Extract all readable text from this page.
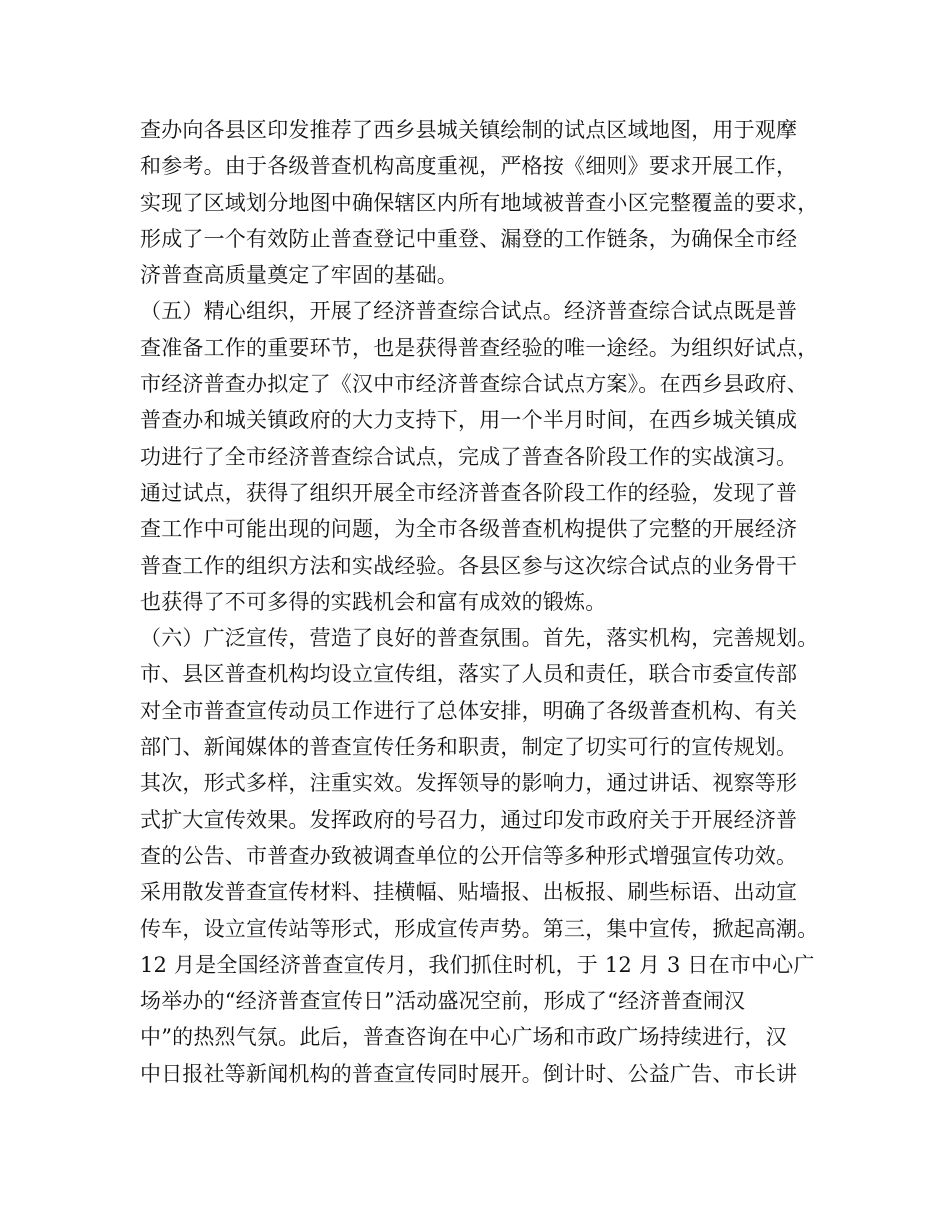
查办向各县区印发推荐了西乡县城关镇绘制的试点区域地图，用于观摩
和参考。由于各级普查机构高度重视，严格按《细则》要求开展工作，
实现了区域划分地图中确保辖区内所有地域被普查小区完整覆盖的要求，
形成了一个有效防止普查登记中重登、漏登的工作链条，为确保全市经
济普查高质量奠定了牢固的基础。
（五）精心组织，开展了经济普查综合试点。经济普查综合试点既是普
查准备工作的重要环节，也是获得普查经验的唯一途经。为组织好试点，
市经济普查办拟定了《汉中市经济普查综合试点方案》。在西乡县政府、
普查办和城关镇政府的大力支持下，用一个半月时间，在西乡城关镇成
功进行了全市经济普查综合试点，完成了普查各阶段工作的实战演习。
通过试点，获得了组织开展全市经济普查各阶段工作的经验，发现了普
查工作中可能出现的问题，为全市各级普查机构提供了完整的开展经济
普查工作的组织方法和实战经验。各县区参与这次综合试点的业务骨干
也获得了不可多得的实践机会和富有成效的锻炼。
（六）广泛宣传，营造了良好的普查氛围。首先，落实机构，完善规划。
市、县区普查机构均设立宣传组，落实了人员和责任，联合市委宣传部
对全市普查宣传动员工作进行了总体安排，明确了各级普查机构、有关
部门、新闻媒体的普查宣传任务和职责，制定了切实可行的宣传规划。
其次，形式多样，注重实效。发挥领导的影响力，通过讲话、视察等形
式扩大宣传效果。发挥政府的号召力，通过印发市政府关于开展经济普
查的公告、市普查办致被调查单位的公开信等多种形式增强宣传功效。
采用散发普查宣传材料、挂横幅、贴墙报、出板报、刷些标语、出动宣
传车，设立宣传站等形式，形成宣传声势。第三，集中宣传，掀起高潮。
12 月是全国经济普查宣传月，我们抓住时机，于 12 月 3 日在市中心广
场举办的“经济普查宣传日”活动盛况空前，形成了“经济普查闹汉
中”的热烈气氛。此后，普查咨询在中心广场和市政广场持续进行，汉
中日报社等新闻机构的普查宣传同时展开。倒计时、公益广告、市长讲
